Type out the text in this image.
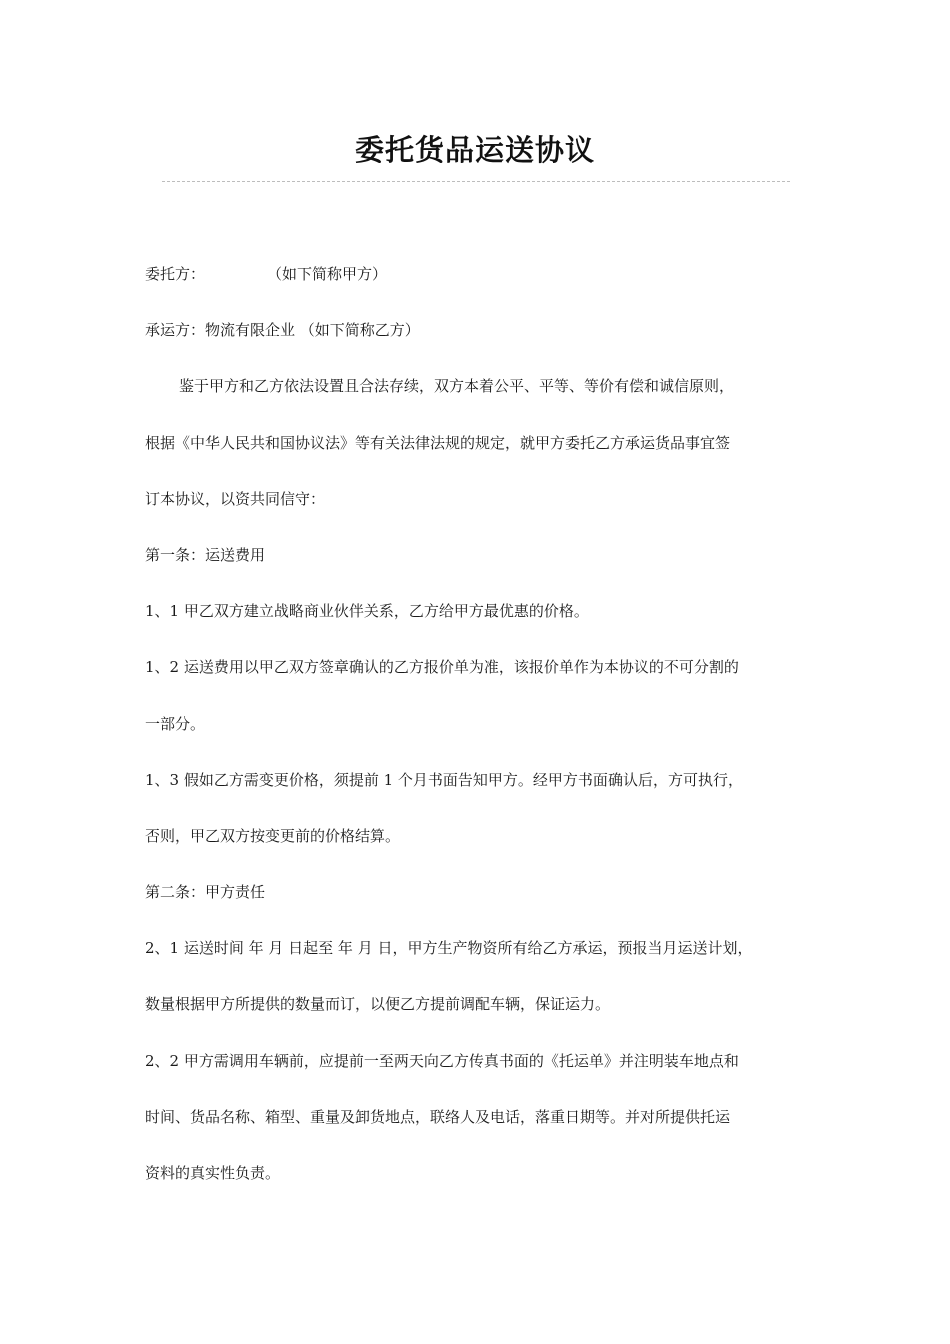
委托货品运送协议
委托方：	（如下简称甲方）
承运方：物流有限企业 （如下简称乙方）
鉴于甲方和乙方依法设置且合法存续，双方本着公平、平等、等价有偿和诚信原则，
根据《中华人民共和国协议法》等有关法律法规的规定，就甲方委托乙方承运货品事宜签
订本协议，以资共同信守：
第一条：运送费用
1、1 甲乙双方建立战略商业伙伴关系，乙方给甲方最优惠的价格。
1、2 运送费用以甲乙双方签章确认的乙方报价单为准，该报价单作为本协议的不可分割的
一部分。
1、3 假如乙方需变更价格，须提前 1 个月书面告知甲方。经甲方书面确认后，方可执行，
否则，甲乙双方按变更前的价格结算。
第二条：甲方责任
2、1 运送时间 年 月 日起至 年 月 日，甲方生产物资所有给乙方承运，预报当月运送计划，
数量根据甲方所提供的数量而订，以便乙方提前调配车辆，保证运力。
2、2 甲方需调用车辆前，应提前一至两天向乙方传真书面的《托运单》并注明装车地点和
时间、货品名称、箱型、重量及卸货地点，联络人及电话，落重日期等。并对所提供托运
资料的真实性负责。
